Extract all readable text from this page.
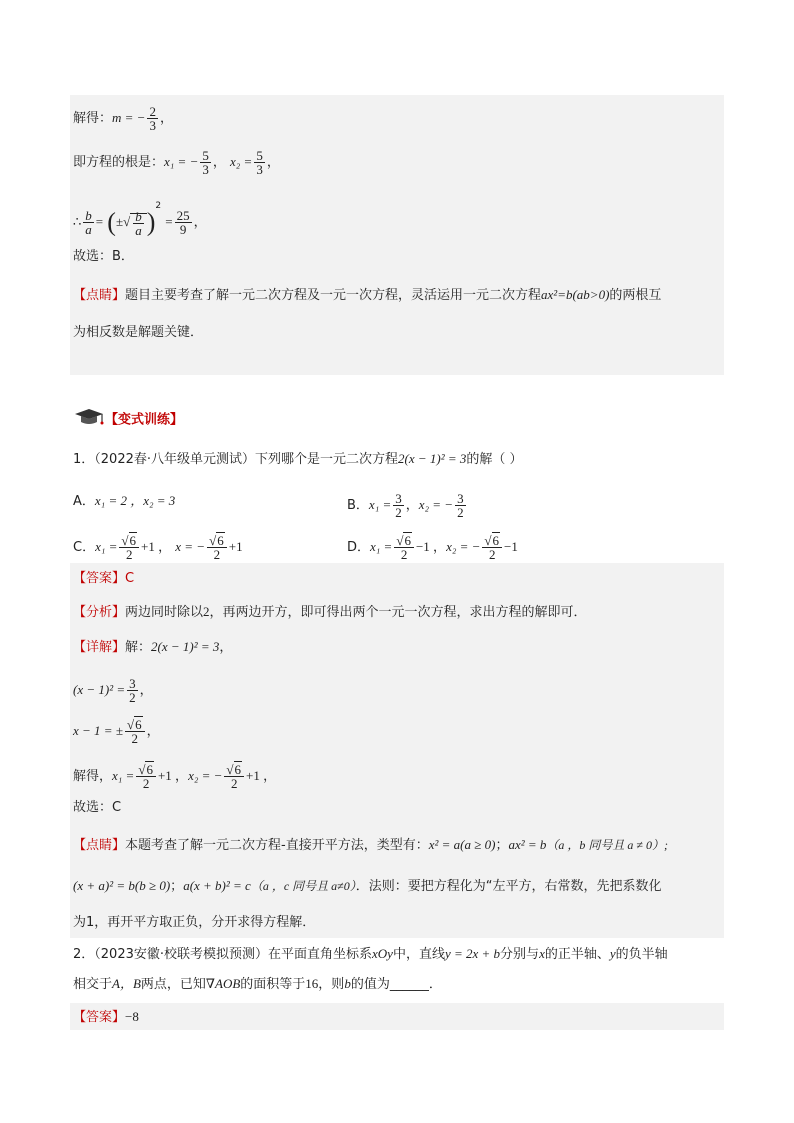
解得：m = − $\frac{2}{3}$ ，
即方程的根是：x₁ = − $\frac{5}{3}$ ， $x_2 = \frac{5}{3}$ ，
∴ $\frac{b}{a}$ = (±√ $\frac{b}{a} )^2 = \frac{25}{9}$ ，
故选：B．
【点睛】题目主要考查了解一元二次方程及一元一次方程，灵活运用一元二次方程ax²=b(ab>0)的两根互
为相反数是解题关键．
【变式训练】
1．（2022春·八年级单元测试）下列哪个是一元二次方程2(x − 1)² = 3的解（ ）
A．x₁ = 2 ，x₂ = 3	B．$x_1 = \frac{3}{2}$ ，x₂ = − $\frac{3}{2}$
C．$x_1 = \frac{√6}{2} +1$ ， x = − $\frac{√6}{2} +1$	D．$x_1 = \frac{√6}{2} -1$ ，x₂ = − $\frac{√6}{2} -1$
【答案】C
【分析】两边同时除以2，再两边开方，即可得出两个一元一次方程，求出方程的解即可．
【详解】解：2(x − 1)² = 3，
$(x - 1)^2 = \frac{3}{2}$ ，
x − 1 = ± $\frac{√6}{2}$ ，
解得，$x_1 = \frac{√6}{2} +1$ ，x₂ = − $\frac{√6}{2} +1$ ，
故选：C
【点睛】本题考查了解一元二次方程-直接开平方法，类型有：x² = a(a ≥ 0)；ax² = b（a ，b 同号且 a ≠ 0）;
(x + a)² = b(b ≥ 0)；a(x + b)² = c（a ，c 同号且 a≠0）．法则：要把方程化为“左平方，右常数，先把系数化
为1，再开平方取正负，分开求得方程解．
2．（2023安徽·校联考模拟预测）在平面直角坐标系xOy中，直线y = 2x + b分别与x的正半轴、y的负半轴
相交于A，B两点，已知∇AOB的面积等于16，则b的值为______．
【答案】−8
